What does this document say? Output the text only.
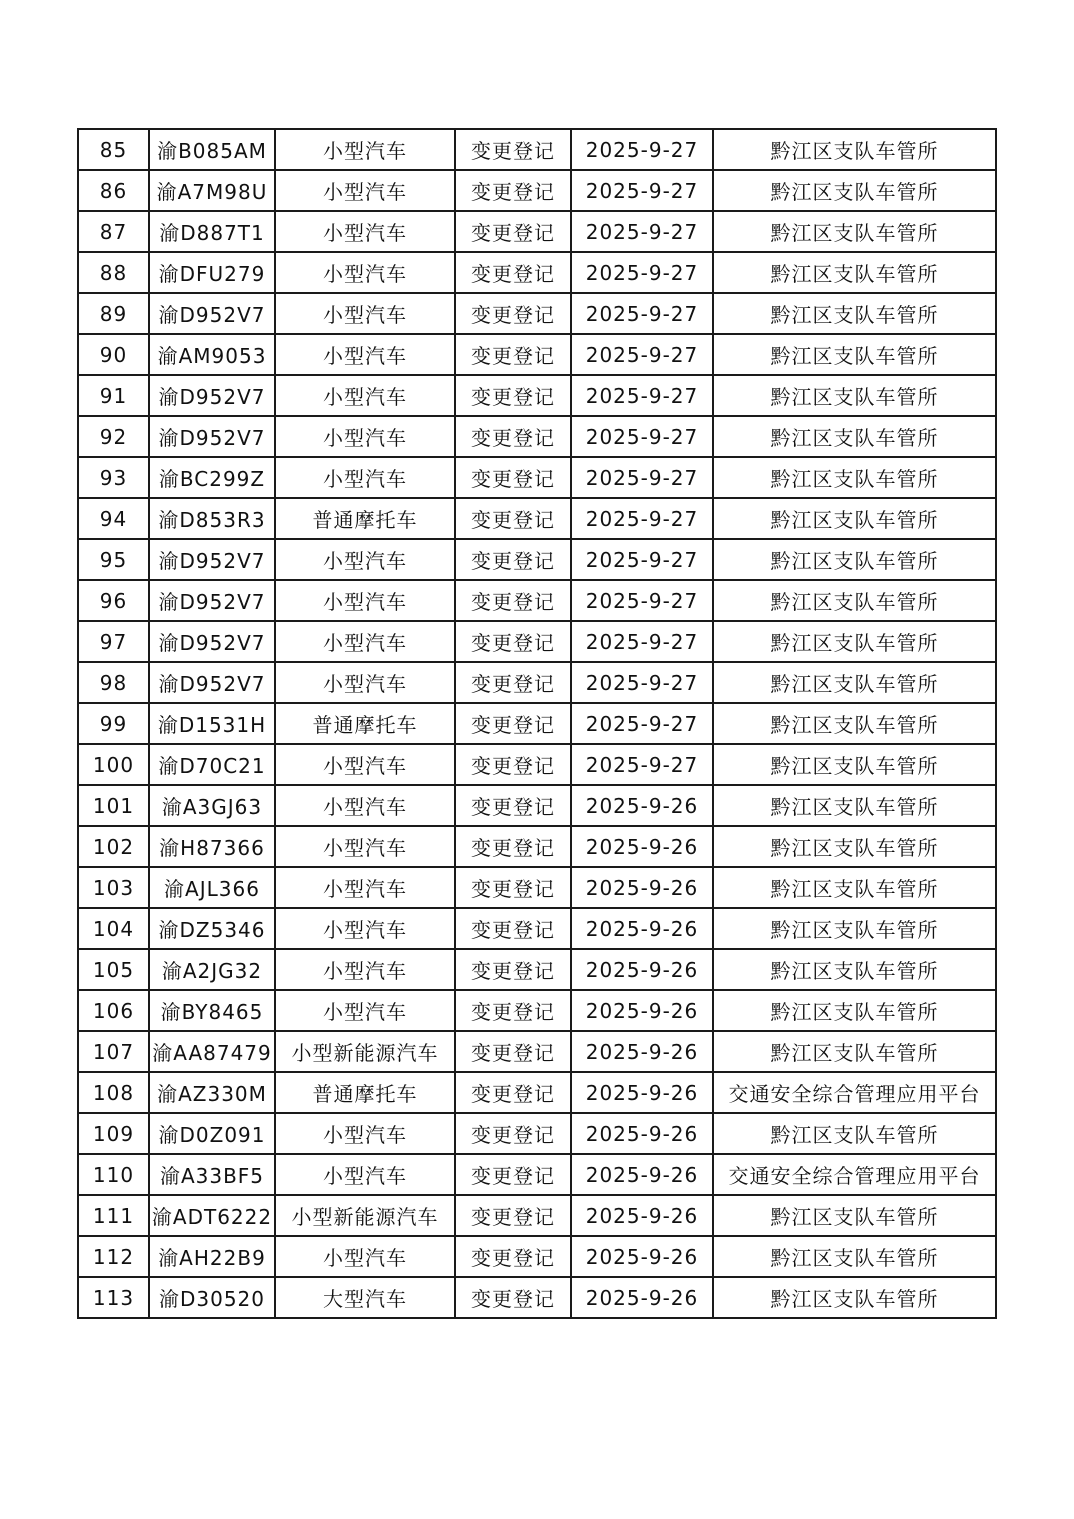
85	渝B085AM	小型汽车	变更登记	2025-9-27	黔江区支队车管所
86	渝A7M98U	小型汽车	变更登记	2025-9-27	黔江区支队车管所
87	渝D887T1	小型汽车	变更登记	2025-9-27	黔江区支队车管所
88	渝DFU279	小型汽车	变更登记	2025-9-27	黔江区支队车管所
89	渝D952V7	小型汽车	变更登记	2025-9-27	黔江区支队车管所
90	渝AM9053	小型汽车	变更登记	2025-9-27	黔江区支队车管所
91	渝D952V7	小型汽车	变更登记	2025-9-27	黔江区支队车管所
92	渝D952V7	小型汽车	变更登记	2025-9-27	黔江区支队车管所
93	渝BC299Z	小型汽车	变更登记	2025-9-27	黔江区支队车管所
94	渝D853R3	普通摩托车	变更登记	2025-9-27	黔江区支队车管所
95	渝D952V7	小型汽车	变更登记	2025-9-27	黔江区支队车管所
96	渝D952V7	小型汽车	变更登记	2025-9-27	黔江区支队车管所
97	渝D952V7	小型汽车	变更登记	2025-9-27	黔江区支队车管所
98	渝D952V7	小型汽车	变更登记	2025-9-27	黔江区支队车管所
99	渝D1531H	普通摩托车	变更登记	2025-9-27	黔江区支队车管所
100	渝D70C21	小型汽车	变更登记	2025-9-27	黔江区支队车管所
101	渝A3GJ63	小型汽车	变更登记	2025-9-26	黔江区支队车管所
102	渝H87366	小型汽车	变更登记	2025-9-26	黔江区支队车管所
103	渝AJL366	小型汽车	变更登记	2025-9-26	黔江区支队车管所
104	渝DZ5346	小型汽车	变更登记	2025-9-26	黔江区支队车管所
105	渝A2JG32	小型汽车	变更登记	2025-9-26	黔江区支队车管所
106	渝BY8465	小型汽车	变更登记	2025-9-26	黔江区支队车管所
107	渝AA87479	小型新能源汽车	变更登记	2025-9-26	黔江区支队车管所
108	渝AZ330M	普通摩托车	变更登记	2025-9-26	交通安全综合管理应用平台
109	渝D0Z091	小型汽车	变更登记	2025-9-26	黔江区支队车管所
110	渝A33BF5	小型汽车	变更登记	2025-9-26	交通安全综合管理应用平台
111	渝ADT6222	小型新能源汽车	变更登记	2025-9-26	黔江区支队车管所
112	渝AH22B9	小型汽车	变更登记	2025-9-26	黔江区支队车管所
113	渝D30520	大型汽车	变更登记	2025-9-26	黔江区支队车管所
